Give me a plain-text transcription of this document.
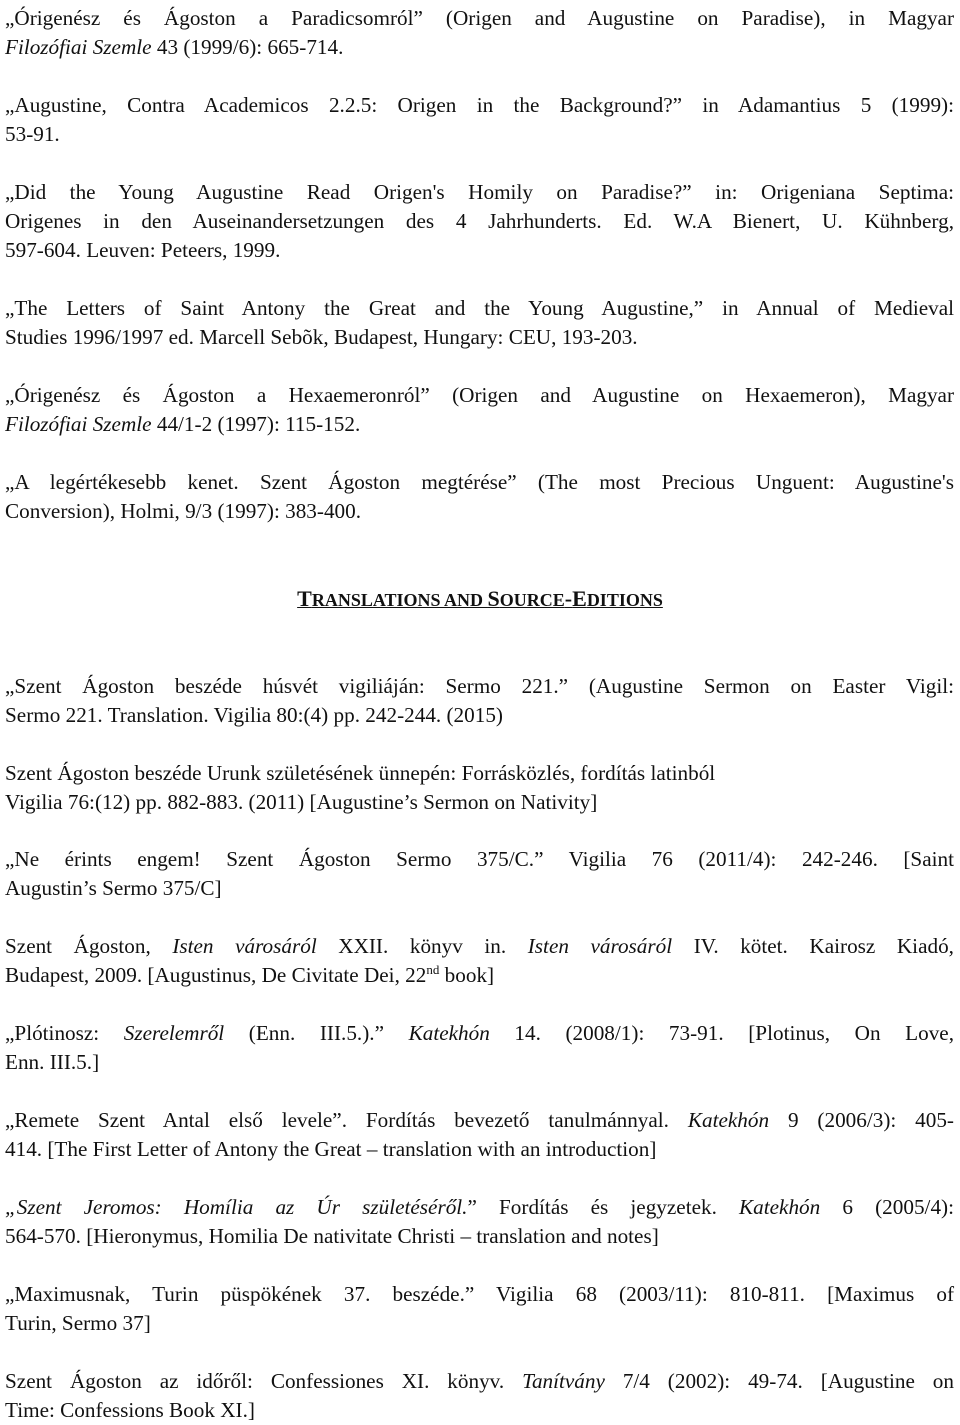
„Órigenész és Ágoston a Paradicsomról” (Origen and Augustine on Paradise), in Magyar
Filozófiai Szemle 43 (1999/6): 665-714.
„Augustine, Contra Academicos 2.2.5: Origen in the Background?” in Adamantius 5 (1999):
53-91.
„Did the Young Augustine Read Origen's Homily on Paradise?” in: Origeniana Septima:
Origenes in den Auseinandersetzungen des 4 Jahrhunderts. Ed. W.A Bienert, U. Kühnberg,
597-604. Leuven: Peteers, 1999.
„The Letters of Saint Antony the Great and the Young Augustine,” in Annual of Medieval
Studies 1996/1997 ed. Marcell Sebõk, Budapest, Hungary: CEU, 193-203.
„Órigenész és Ágoston a Hexaemeronról” (Origen and Augustine on Hexaemeron), Magyar
Filozófiai Szemle 44/1-2 (1997): 115-152.
„A legértékesebb kenet. Szent Ágoston megtérése” (The most Precious Unguent: Augustine's
Conversion), Holmi, 9/3 (1997): 383-400.
TRANSLATIONS AND SOURCE-EDITIONS
„Szent Ágoston beszéde húsvét vigiliáján: Sermo 221.” (Augustine Sermon on Easter Vigil:
Sermo 221. Translation. Vigilia 80:(4) pp. 242-244. (2015)
Szent Ágoston beszéde Urunk születésének ünnepén: Forrásközlés, fordítás latinból
Vigilia 76:(12) pp. 882-883. (2011) [Augustine’s Sermon on Nativity]
„Ne érints engem! Szent Ágoston Sermo 375/C.” Vigilia 76 (2011/4): 242-246. [Saint
Augustin’s Sermo 375/C]
Szent Ágoston, Isten városáról XXII. könyv in. Isten városáról IV. kötet. Kairosz Kiadó,
Budapest, 2009. [Augustinus, De Civitate Dei, 22nd book]
„Plótinosz: Szerelemről (Enn. III.5.).” Katekhón 14. (2008/1): 73-91. [Plotinus, On Love,
Enn. III.5.]
„Remete Szent Antal első levele”. Fordítás bevezető tanulmánnyal. Katekhón 9 (2006/3): 405-
414. [The First Letter of Antony the Great – translation with an introduction]
„Szent Jeromos: Homília az Úr születéséről.” Fordítás és jegyzetek. Katekhón 6 (2005/4):
564-570. [Hieronymus, Homilia De nativitate Christi – translation and notes]
„Maximusnak, Turin püspökének 37. beszéde.” Vigilia 68 (2003/11): 810-811. [Maximus of
Turin, Sermo 37]
Szent Ágoston az időről: Confessiones XI. könyv. Tanítvány 7/4 (2002): 49-74. [Augustine on
Time: Confessions Book XI.]
